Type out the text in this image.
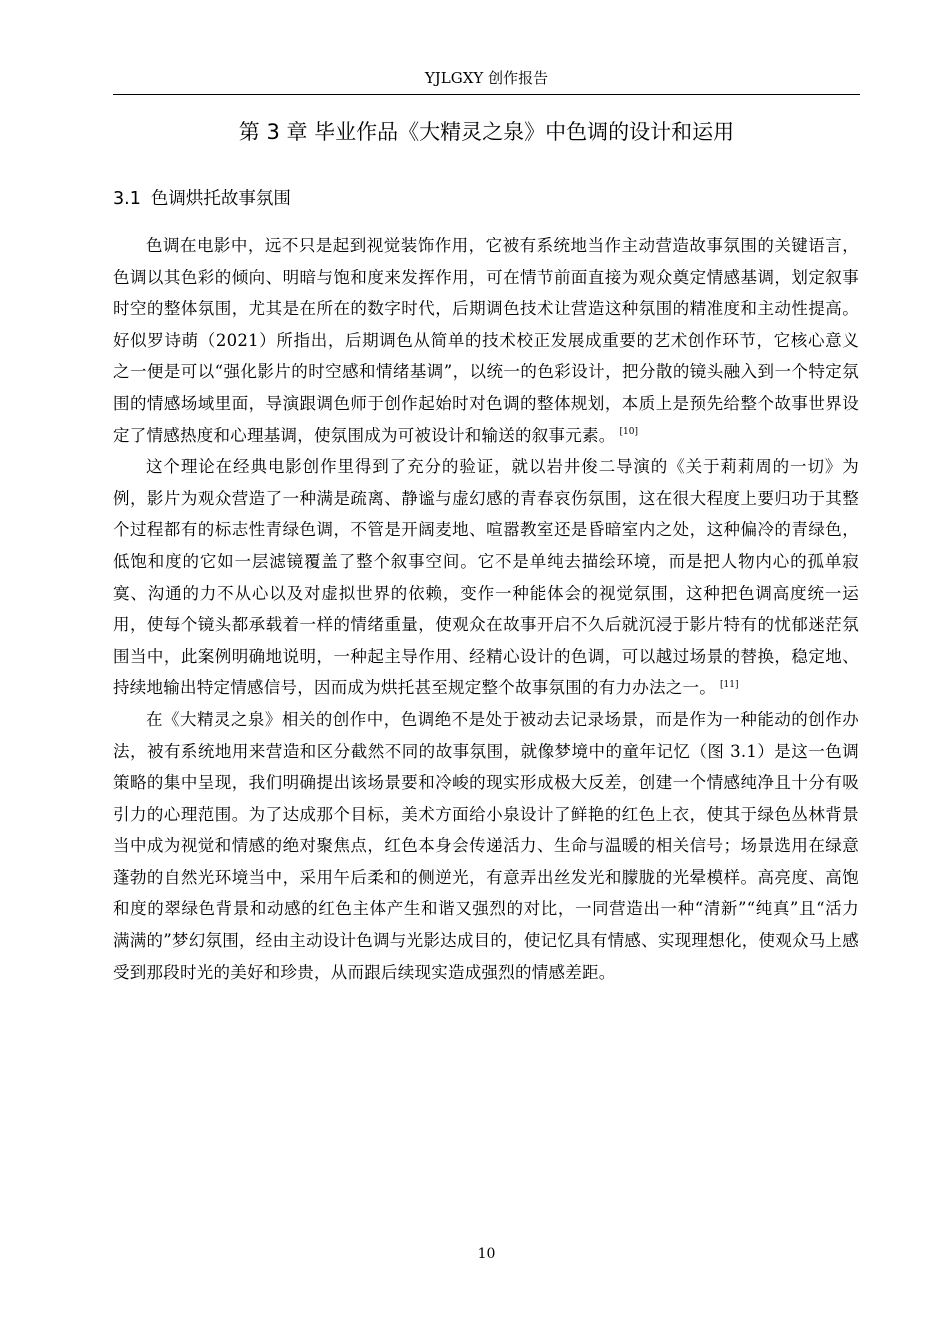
YJLGXY 创作报告
第 3 章 毕业作品《大精灵之泉》中色调的设计和运用
3.1 色调烘托故事氛围

色调在电影中，远不只是起到视觉装饰作用，它被有系统地当作主动营造故事氛围的关键语言，色调以其色彩的倾向、明暗与饱和度来发挥作用，可在情节前面直接为观众奠定情感基调，划定叙事时空的整体氛围，尤其是在所在的数字时代，后期调色技术让营造这种氛围的精准度和主动性提高。好似罗诗萌（2021）所指出，后期调色从简单的技术校正发展成重要的艺术创作环节，它核心意义之一便是可以“强化影片的时空感和情绪基调”，以统一的色彩设计，把分散的镜头融入到一个特定氛围的情感场域里面，导演跟调色师于创作起始时对色调的整体规划，本质上是预先给整个故事世界设定了情感热度和心理基调，使氛围成为可被设计和输送的叙事元素。 [10]

这个理论在经典电影创作里得到了充分的验证，就以岩井俊二导演的《关于莉莉周的一切》为例，影片为观众营造了一种满是疏离、静谧与虚幻感的青春哀伤氛围，这在很大程度上要归功于其整个过程都有的标志性青绿色调，不管是开阔麦地、喧嚣教室还是昏暗室内之处，这种偏冷的青绿色，低饱和度的它如一层滤镜覆盖了整个叙事空间。它不是单纯去描绘环境，而是把人物内心的孤单寂寞、沟通的力不从心以及对虚拟世界的依赖，变作一种能体会的视觉氛围，这种把色调高度统一运用，使每个镜头都承载着一样的情绪重量，使观众在故事开启不久后就沉浸于影片特有的忧郁迷茫氛围当中，此案例明确地说明，一种起主导作用、经精心设计的色调，可以越过场景的替换，稳定地、持续地输出特定情感信号，因而成为烘托甚至规定整个故事氛围的有力办法之一。 [11]

在《大精灵之泉》相关的创作中，色调绝不是处于被动去记录场景，而是作为一种能动的创作办法，被有系统地用来营造和区分截然不同的故事氛围，就像梦境中的童年记忆（图 3.1）是这一色调策略的集中呈现，我们明确提出该场景要和冷峻的现实形成极大反差，创建一个情感纯净且十分有吸引力的心理范围。为了达成那个目标，美术方面给小泉设计了鲜艳的红色上衣，使其于绿色丛林背景当中成为视觉和情感的绝对聚焦点，红色本身会传递活力、生命与温暖的相关信号；场景选用在绿意蓬勃的自然光环境当中，采用午后柔和的侧逆光，有意弄出丝发光和朦胧的光晕模样。高亮度、高饱和度的翠绿色背景和动感的红色主体产生和谐又强烈的对比，一同营造出一种“清新”“纯真”且“活力满满的”梦幻氛围，经由主动设计色调与光影达成目的，使记忆具有情感、实现理想化，使观众马上感受到那段时光的美好和珍贵，从而跟后续现实造成强烈的情感差距。

10
